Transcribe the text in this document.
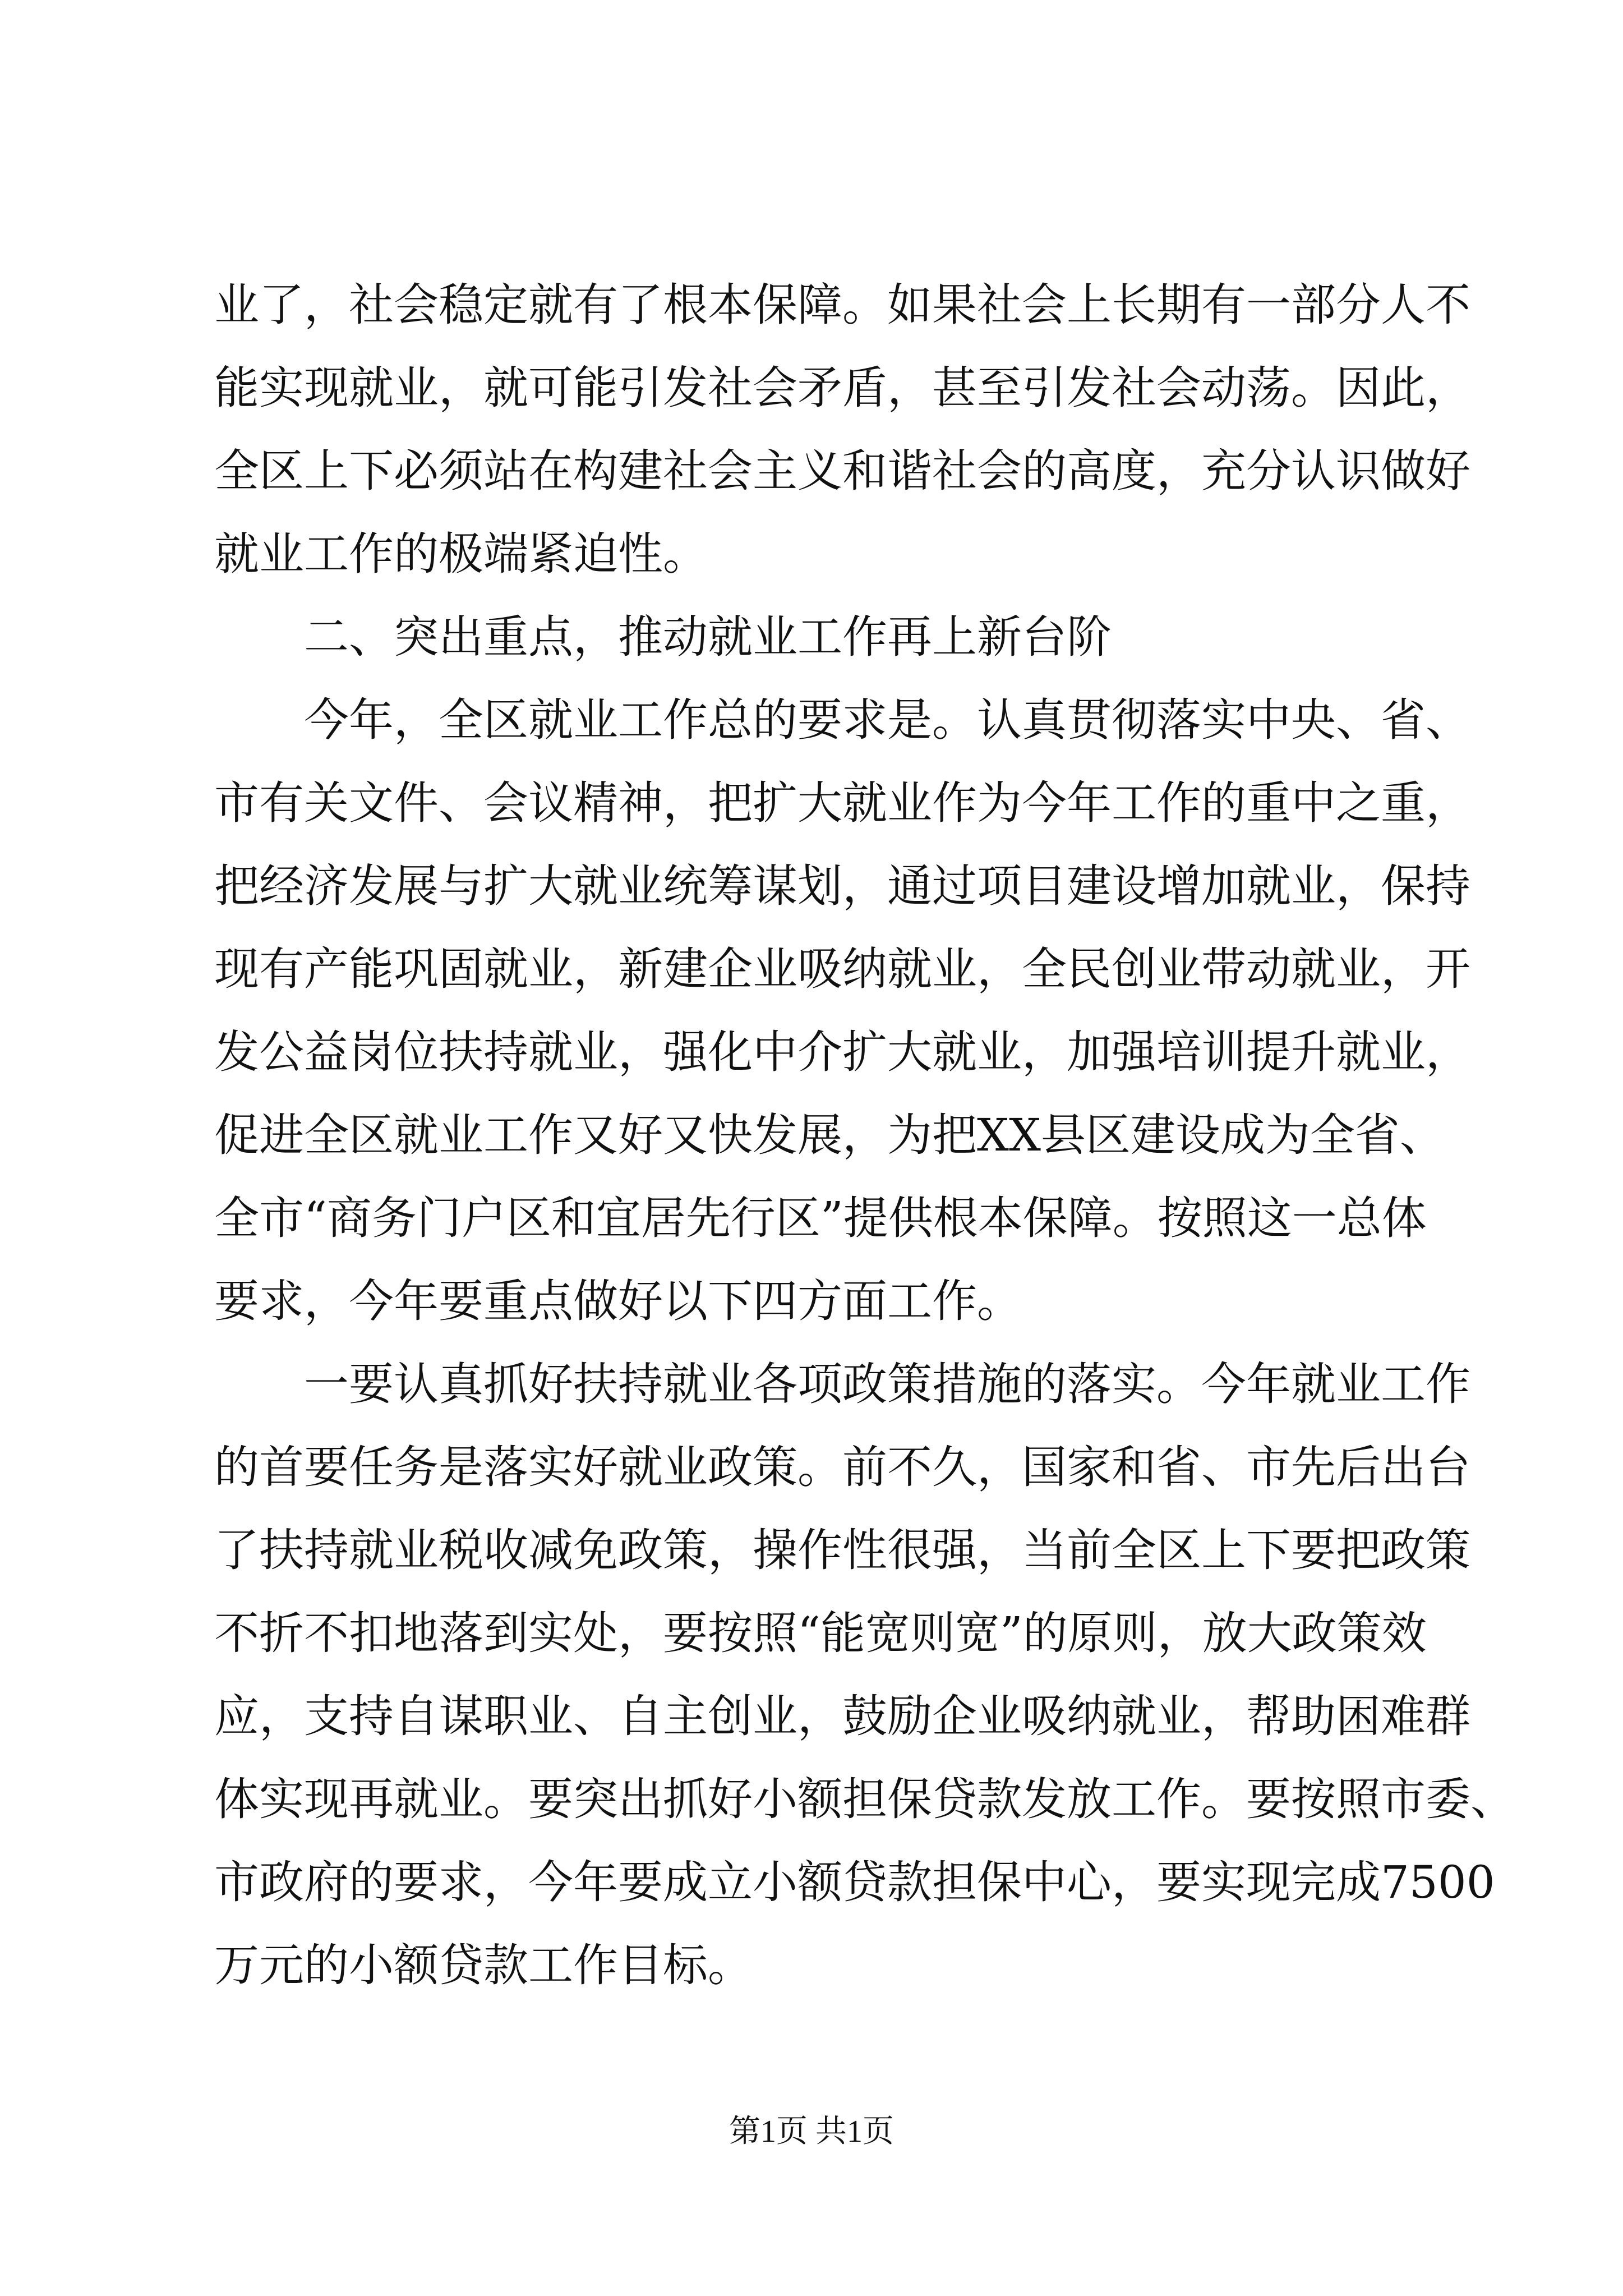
业了，社会稳定就有了根本保障。如果社会上长期有一部分人不
能实现就业，就可能引发社会矛盾，甚至引发社会动荡。因此，
全区上下必须站在构建社会主义和谐社会的高度，充分认识做好
就业工作的极端紧迫性。
二、突出重点，推动就业工作再上新台阶
今年，全区就业工作总的要求是。认真贯彻落实中央、省、
市有关文件、会议精神，把扩大就业作为今年工作的重中之重，
把经济发展与扩大就业统筹谋划，通过项目建设增加就业，保持
现有产能巩固就业，新建企业吸纳就业，全民创业带动就业，开
发公益岗位扶持就业，强化中介扩大就业，加强培训提升就业，
促进全区就业工作又好又快发展，为把XX县区建设成为全省、
全市“商务门户区和宜居先行区”提供根本保障。按照这一总体
要求，今年要重点做好以下四方面工作。
一要认真抓好扶持就业各项政策措施的落实。今年就业工作
的首要任务是落实好就业政策。前不久，国家和省、市先后出台
了扶持就业税收减免政策，操作性很强，当前全区上下要把政策
不折不扣地落到实处，要按照“能宽则宽”的原则，放大政策效
应，支持自谋职业、自主创业，鼓励企业吸纳就业，帮助困难群
体实现再就业。要突出抓好小额担保贷款发放工作。要按照市委、
市政府的要求，今年要成立小额贷款担保中心，要实现完成7500
万元的小额贷款工作目标。
第1页 共1页
